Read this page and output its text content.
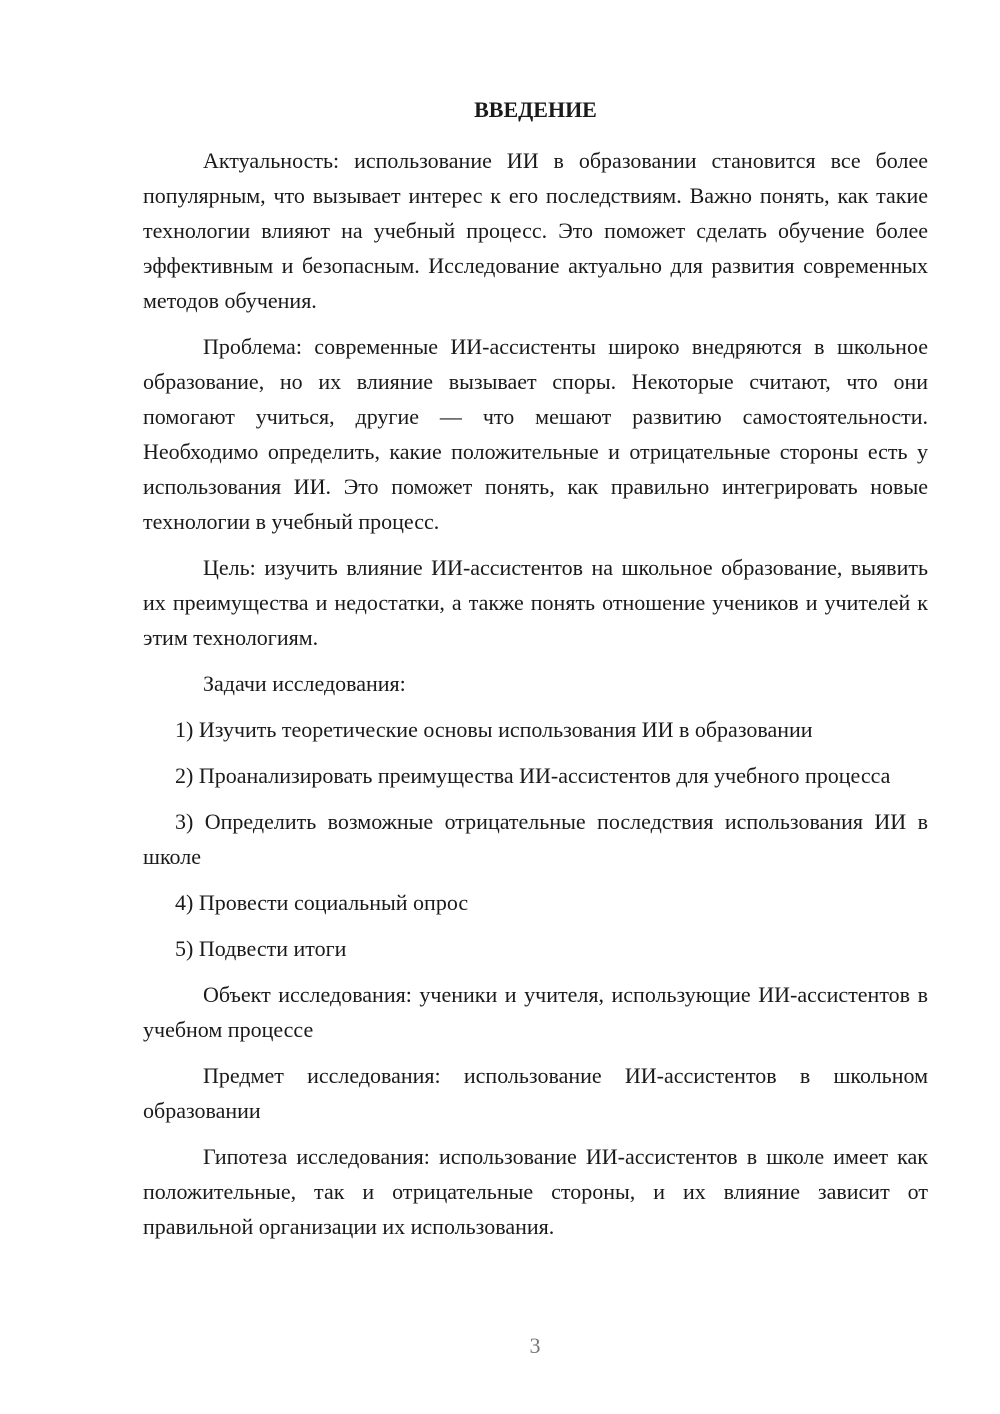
ВВЕДЕНИЕ

Актуальность: использование ИИ в образовании становится все более популярным, что вызывает интерес к его последствиям. Важно понять, как такие технологии влияют на учебный процесс. Это поможет сделать обучение более эффективным и безопасным. Исследование актуально для развития современных методов обучения.

Проблема: современные ИИ-ассистенты широко внедряются в школьное образование, но их влияние вызывает споры. Некоторые считают, что они помогают учиться, другие — что мешают развитию самостоятельности. Необходимо определить, какие положительные и отрицательные стороны есть у использования ИИ. Это поможет понять, как правильно интегрировать новые технологии в учебный процесс.

Цель: изучить влияние ИИ-ассистентов на школьное образование, выявить их преимущества и недостатки, а также понять отношение учеников и учителей к этим технологиям.

Задачи исследования:

1) Изучить теоретические основы использования ИИ в образовании

2) Проанализировать преимущества ИИ-ассистентов для учебного процесса

3) Определить возможные отрицательные последствия использования ИИ в школе

4) Провести социальный опрос

5) Подвести итоги

Объект исследования: ученики и учителя, использующие ИИ-ассистентов в учебном процессе

Предмет исследования: использование ИИ-ассистентов в школьном образовании

Гипотеза исследования: использование ИИ-ассистентов в школе имеет как положительные, так и отрицательные стороны, и их влияние зависит от правильной организации их использования.

3
